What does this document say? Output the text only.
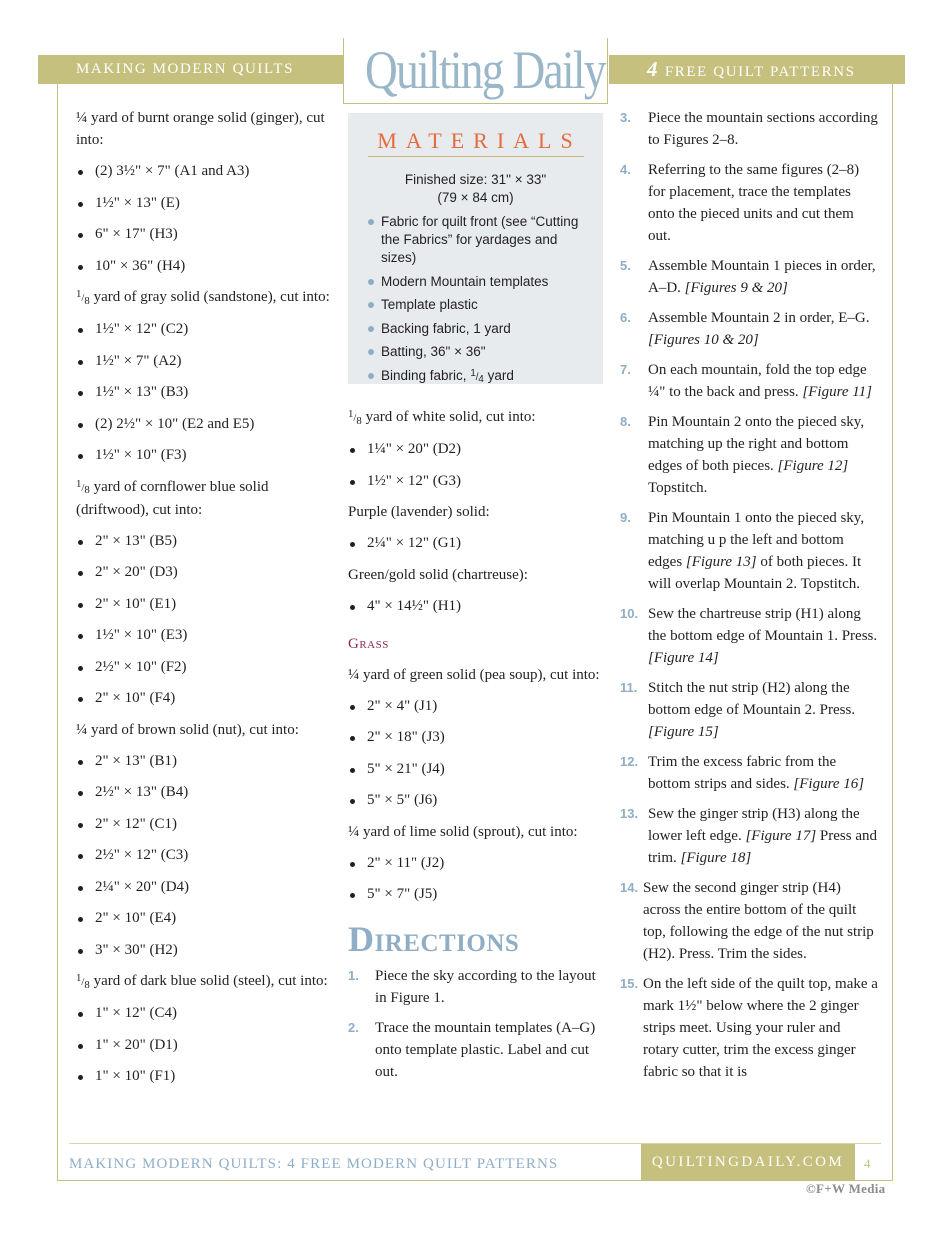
MAKING MODERN QUILTS	4 FREE QUILT PATTERNS
Quilting Daily

¼ yard of burnt orange solid (ginger), cut into:

(2) 3½" × 7" (A1 and A3)
1½" × 13" (E)
6" × 17" (H3)
10" × 36" (H4)

1/8 yard of gray solid (sandstone), cut into:

1½" × 12" (C2)
1½" × 7" (A2)
1½" × 13" (B3)
(2) 2½" × 10" (E2 and E5)
1½" × 10" (F3)

1/8 yard of cornflower blue solid (driftwood), cut into:

2" × 13" (B5)
2" × 20" (D3)
2" × 10" (E1)
1½" × 10" (E3)
2½" × 10" (F2)
2" × 10" (F4)

¼ yard of brown solid (nut), cut into:

2" × 13" (B1)
2½" × 13" (B4)
2" × 12" (C1)
2½" × 12" (C3)
2¼" × 20" (D4)
2" × 10" (E4)
3" × 30" (H2)

1/8 yard of dark blue solid (steel), cut into:

1" × 12" (C4)
1" × 20" (D1)
1" × 10" (F1)
MATERIALS
Finished size: 31" × 33"
(79 × 84 cm)
Fabric for quilt front (see “Cutting the Fabrics” for yardages and sizes)
Modern Mountain templates
Template plastic
Backing fabric, 1 yard
Batting, 36" × 36"
Binding fabric, 1/4 yard

1/8 yard of white solid, cut into:

1¼" × 20" (D2)
1½" × 12" (G3)

Purple (lavender) solid:

2¼" × 12" (G1)

Green/gold solid (chartreuse):

4" × 14½" (H1)
Grass

¼ yard of green solid (pea soup), cut into:

2" × 4" (J1)
2" × 18" (J3)
5" × 21" (J4)
5" × 5" (J6)

¼ yard of lime solid (sprout), cut into:

2" × 11" (J2)
5" × 7" (J5)
Directions
1. Piece the sky according to the layout in Figure 1.
2. Trace the mountain templates (A–G) onto template plastic. Label and cut out.
3. Piece the mountain sections according to Figures 2–8.
4. Referring to the same figures (2–8) for placement, trace the templates onto the pieced units and cut them out.
5. Assemble Mountain 1 pieces in order, A–D. [Figures 9 & 20]
6. Assemble Mountain 2 in order, E–G. [Figures 10 & 20]
7. On each mountain, fold the top edge ¼" to the back and press. [Figure 11]
8. Pin Mountain 2 onto the pieced sky, matching up the right and bottom edges of both pieces. [Figure 12] Topstitch.
9. Pin Mountain 1 onto the pieced sky, matching u p the left and bottom edges [Figure 13] of both pieces. It will overlap Mountain 2. Topstitch.
10. Sew the chartreuse strip (H1) along the bottom edge of Mountain 1. Press. [Figure 14]
11. Stitch the nut strip (H2) along the bottom edge of Mountain 2. Press. [Figure 15]
12. Trim the excess fabric from the bottom strips and sides. [Figure 16]
13. Sew the ginger strip (H3) along the lower left edge. [Figure 17] Press and trim. [Figure 18]
14. Sew the second ginger strip (H4) across the entire bottom of the quilt top, following the edge of the nut strip (H2). Press. Trim the sides.
15. On the left side of the quilt top, make a mark 1½" below where the 2 ginger strips meet. Using your ruler and rotary cutter, trim the excess ginger fabric so that it is
MAKING MODERN QUILTS: 4 FREE MODERN QUILT PATTERNS	QUILTINGDAILY.COM	4
©F+W Media
